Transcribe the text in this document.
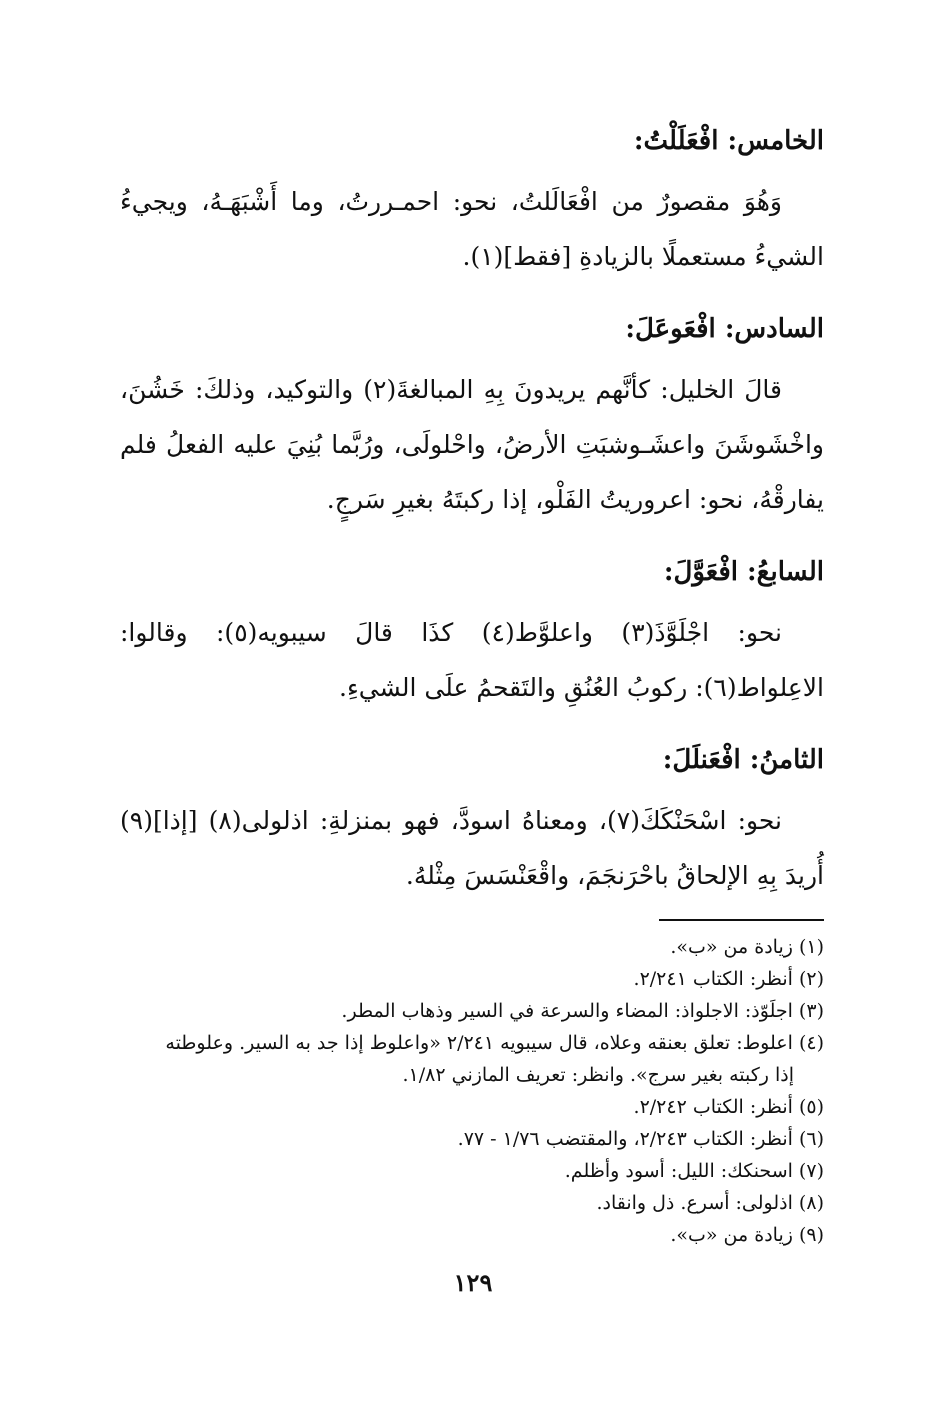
الخامس: افْعَلَلْتُ:

وَهُوَ مقصورٌ من افْعَالَلتُ، نحو: احمـررتُ، وما أَشْبَهَـهُ، ويجيءُ الشيءُ مستعملًا بالزيادةِ [فقط](١).

السادس: افْعَوعَلَ:

قالَ الخليل: كأنَّهم يريدونَ بِهِ المبالغةَ(٢) والتوكيد، وذلكَ: خَشُنَ، واخْشَوشَنَ واعشَـوشبَتِ الأرضُ، واحْلولَى، ورُبَّما بُنِيَ عليه الفعلُ فلم يفارقْهُ، نحو: اعروريتُ الفَلْو، إذا ركبتَهُ بغيرِ سَرجٍ.

السابعُ: افْعَوَّلَ:

نحو: اجْلَوَّذَ(٣) واعلوَّط(٤) كذَا قالَ سيبويه(٥): وقالوا: الاعِلواط(٦): ركوبُ العُنُقِ والتَقحمُ علَى الشيءِ.

الثامنُ: افْعَنلَلَ:

نحو: اسْحَنْكَكَ(٧)، ومعناهُ اسودَّ، فهو بمنزلةِ: اذلولى(٨) [إذا](٩) أُريدَ بِهِ الإلحاقُ باحْرَنجَمَ، واقْعَنْسَسَ مِثْلهُ.

(١) زيادة من «ب».

(٢) أنظر: الكتاب ٢/٢٤١.

(٣) اجلَوّذ: الاجلواذ: المضاء والسرعة في السير وذهاب المطر.

(٤) اعلوط: تعلق بعنقه وعلاه، قال سيبويه ٢/٢٤١ «واعلوط إذا جد به السير. وعلوطته

إذا ركبته بغير سرج». وانظر: تعريف المازني ١/٨٢.

(٥) أنظر: الكتاب ٢/٢٤٢.

(٦) أنظر: الكتاب ٢/٢٤٣، والمقتضب ١/٧٦ - ٧٧.

(٧) اسحنكك: الليل: أسود وأظلم.

(٨) اذلولى: أسرع. ذل وانقاد.

(٩) زيادة من «ب».

١٢٩
